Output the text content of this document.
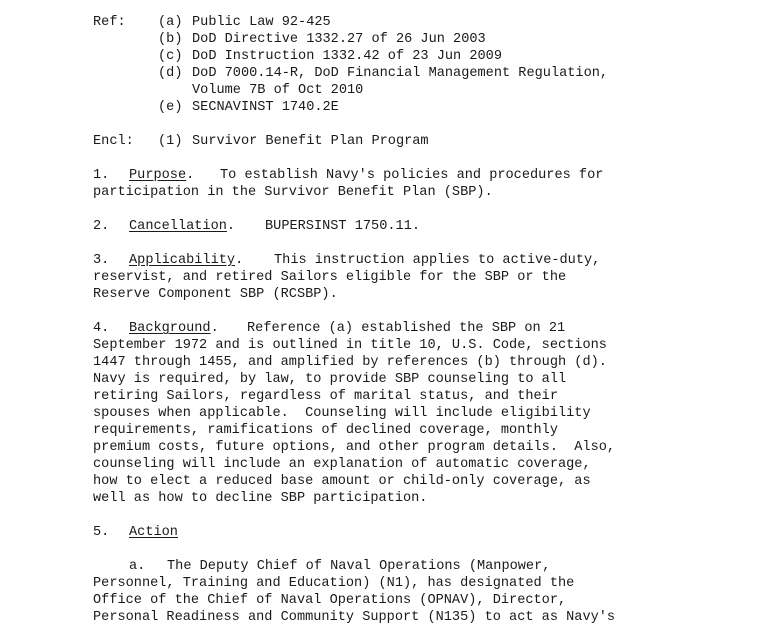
Ref: (a) Public Law 92-425
(b) DoD Directive 1332.27 of 26 Jun 2003
(c) DoD Instruction 1332.42 of 23 Jun 2009
(d) DoD 7000.14-R, DoD Financial Management Regulation,
Volume 7B of Oct 2010
(e) SECNAVINST 1740.2E
Encl: (1) Survivor Benefit Plan Program
1. Purpose. To establish Navy's policies and procedures for
participation in the Survivor Benefit Plan (SBP).
2. Cancellation. BUPERSINST 1750.11.
3. Applicability. This instruction applies to active-duty,
reservist, and retired Sailors eligible for the SBP or the
Reserve Component SBP (RCSBP).
4. Background. Reference (a) established the SBP on 21
September 1972 and is outlined in title 10, U.S. Code, sections
1447 through 1455, and amplified by references (b) through (d).
Navy is required, by law, to provide SBP counseling to all
retiring Sailors, regardless of marital status, and their
spouses when applicable.  Counseling will include eligibility
requirements, ramifications of declined coverage, monthly
premium costs, future options, and other program details.  Also,
counseling will include an explanation of automatic coverage,
how to elect a reduced base amount or child-only coverage, as
well as how to decline SBP participation.
5. Action
a. The Deputy Chief of Naval Operations (Manpower,
Personnel, Training and Education) (N1), has designated the
Office of the Chief of Naval Operations (OPNAV), Director,
Personal Readiness and Community Support (N135) to act as Navy's
